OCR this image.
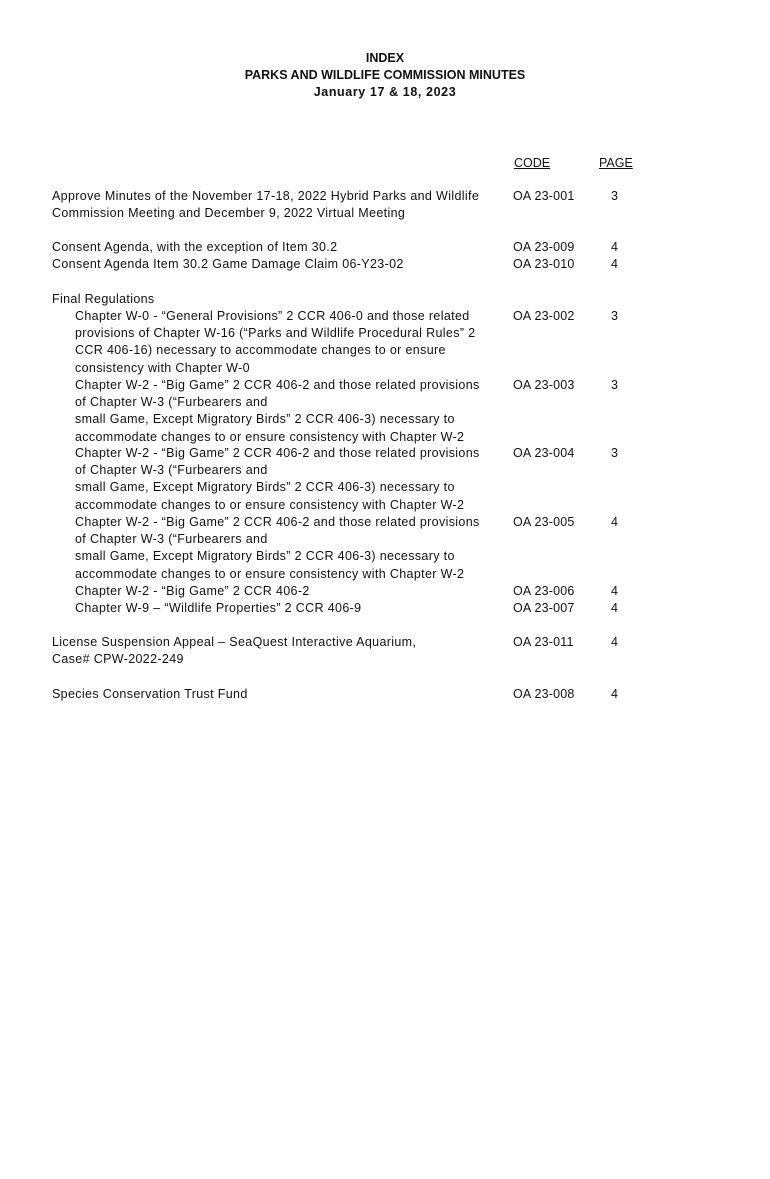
INDEX
PARKS AND WILDLIFE COMMISSION MINUTES
January 17 & 18, 2023
CODE	PAGE
Approve Minutes of the November 17-18, 2022 Hybrid Parks and Wildlife
Commission Meeting and December 9, 2022 Virtual Meeting
OA 23-001	3
Consent Agenda, with the exception of Item 30.2	OA 23-009	4
Consent Agenda Item 30.2 Game Damage Claim 06-Y23-02	OA 23-010	4
Final Regulations
Chapter W-0 - “General Provisions” 2 CCR 406-0 and those related
provisions of Chapter W-16 (“Parks and Wildlife Procedural Rules” 2
CCR 406-16) necessary to accommodate changes to or ensure
consistency with Chapter W-0
OA 23-002	3
Chapter W-2 - “Big Game” 2 CCR 406-2 and those related provisions
of Chapter W-3 (“Furbearers and
small Game, Except Migratory Birds” 2 CCR 406-3) necessary to
accommodate changes to or ensure consistency with Chapter W-2
OA 23-003	3
Chapter W-2 - “Big Game” 2 CCR 406-2 and those related provisions
of Chapter W-3 (“Furbearers and
small Game, Except Migratory Birds” 2 CCR 406-3) necessary to
accommodate changes to or ensure consistency with Chapter W-2
OA 23-004	3
Chapter W-2 - “Big Game” 2 CCR 406-2 and those related provisions
of Chapter W-3 (“Furbearers and
small Game, Except Migratory Birds” 2 CCR 406-3) necessary to
accommodate changes to or ensure consistency with Chapter W-2
OA 23-005	4
Chapter W-2 - “Big Game” 2 CCR 406-2	OA 23-006	4
Chapter W-9 – “Wildlife Properties” 2 CCR 406-9	OA 23-007	4
License Suspension Appeal – SeaQuest Interactive Aquarium,
Case# CPW-2022-249
OA 23-011	4
Species Conservation Trust Fund	OA 23-008	4
